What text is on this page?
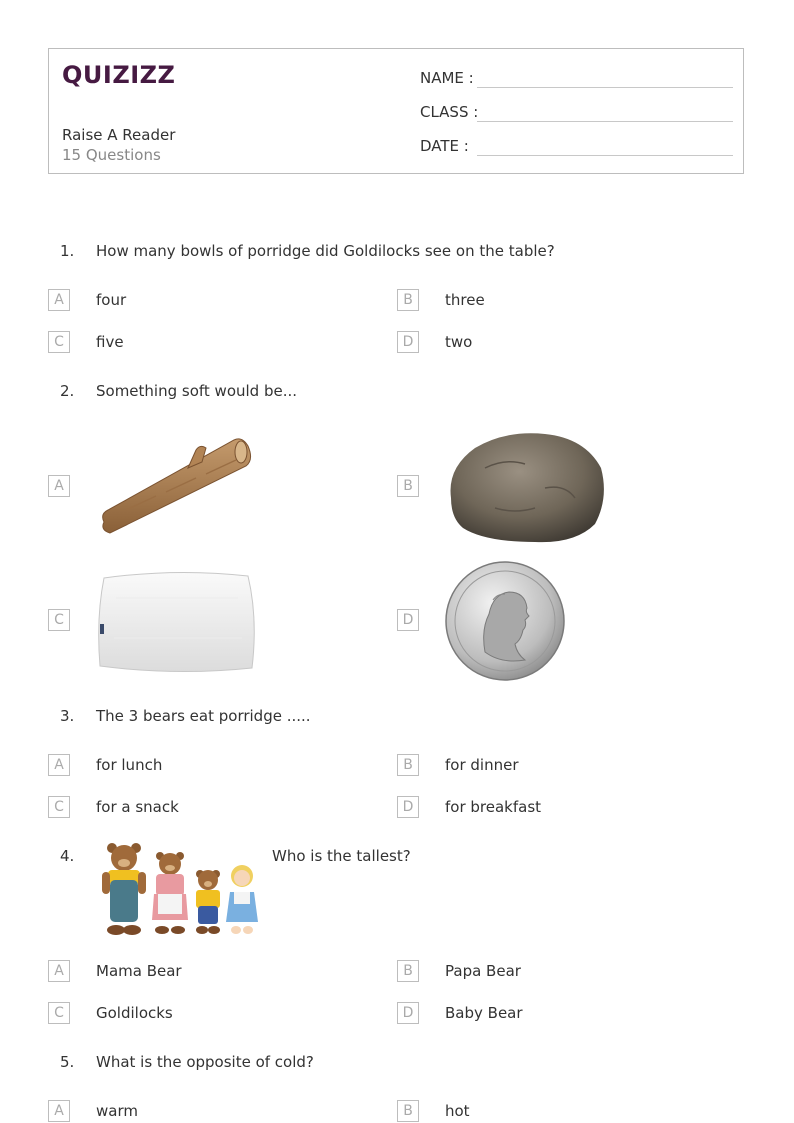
QUIZIZZ
Raise A Reader
15 Questions
NAME :
CLASS :
DATE :
1. How many bowls of porridge did Goldilocks see on the table?
A	four	B	three
C	five	D	two
2. Something soft would be...
A	B
C	D
3. The 3 bears eat porridge .....
A	for lunch	B	for dinner
C	for a snack	D	for breakfast
4.	Who is the tallest?
A	Mama Bear	B	Papa Bear
C	Goldilocks	D	Baby Bear
5. What is the opposite of cold?
A	warm	B	hot
